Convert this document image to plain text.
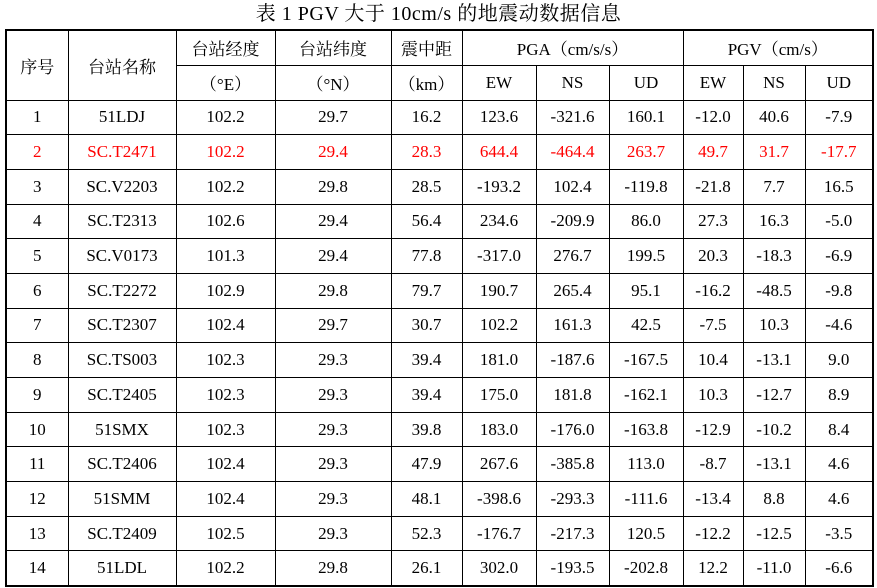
表 1 PGV 大于 10cm/s 的地震动数据信息
序号	台站名称	台站经度	台站纬度	震中距	PGA（cm/s/s）			PGV（cm/s）		
		（°E）	（°N）	（km）	EW	NS	UD	EW	NS	UD
1	51LDJ	102.2	29.7	16.2	123.6	-321.6	160.1	-12.0	40.6	-7.9
2	SC.T2471	102.2	29.4	28.3	644.4	-464.4	263.7	49.7	31.7	-17.7
3	SC.V2203	102.2	29.8	28.5	-193.2	102.4	-119.8	-21.8	7.7	16.5
4	SC.T2313	102.6	29.4	56.4	234.6	-209.9	86.0	27.3	16.3	-5.0
5	SC.V0173	101.3	29.4	77.8	-317.0	276.7	199.5	20.3	-18.3	-6.9
6	SC.T2272	102.9	29.8	79.7	190.7	265.4	95.1	-16.2	-48.5	-9.8
7	SC.T2307	102.4	29.7	30.7	102.2	161.3	42.5	-7.5	10.3	-4.6
8	SC.TS003	102.3	29.3	39.4	181.0	-187.6	-167.5	10.4	-13.1	9.0
9	SC.T2405	102.3	29.3	39.4	175.0	181.8	-162.1	10.3	-12.7	8.9
10	51SMX	102.3	29.3	39.8	183.0	-176.0	-163.8	-12.9	-10.2	8.4
11	SC.T2406	102.4	29.3	47.9	267.6	-385.8	113.0	-8.7	-13.1	4.6
12	51SMM	102.4	29.3	48.1	-398.6	-293.3	-111.6	-13.4	8.8	4.6
13	SC.T2409	102.5	29.3	52.3	-176.7	-217.3	120.5	-12.2	-12.5	-3.5
14	51LDL	102.2	29.8	26.1	302.0	-193.5	-202.8	12.2	-11.0	-6.6
